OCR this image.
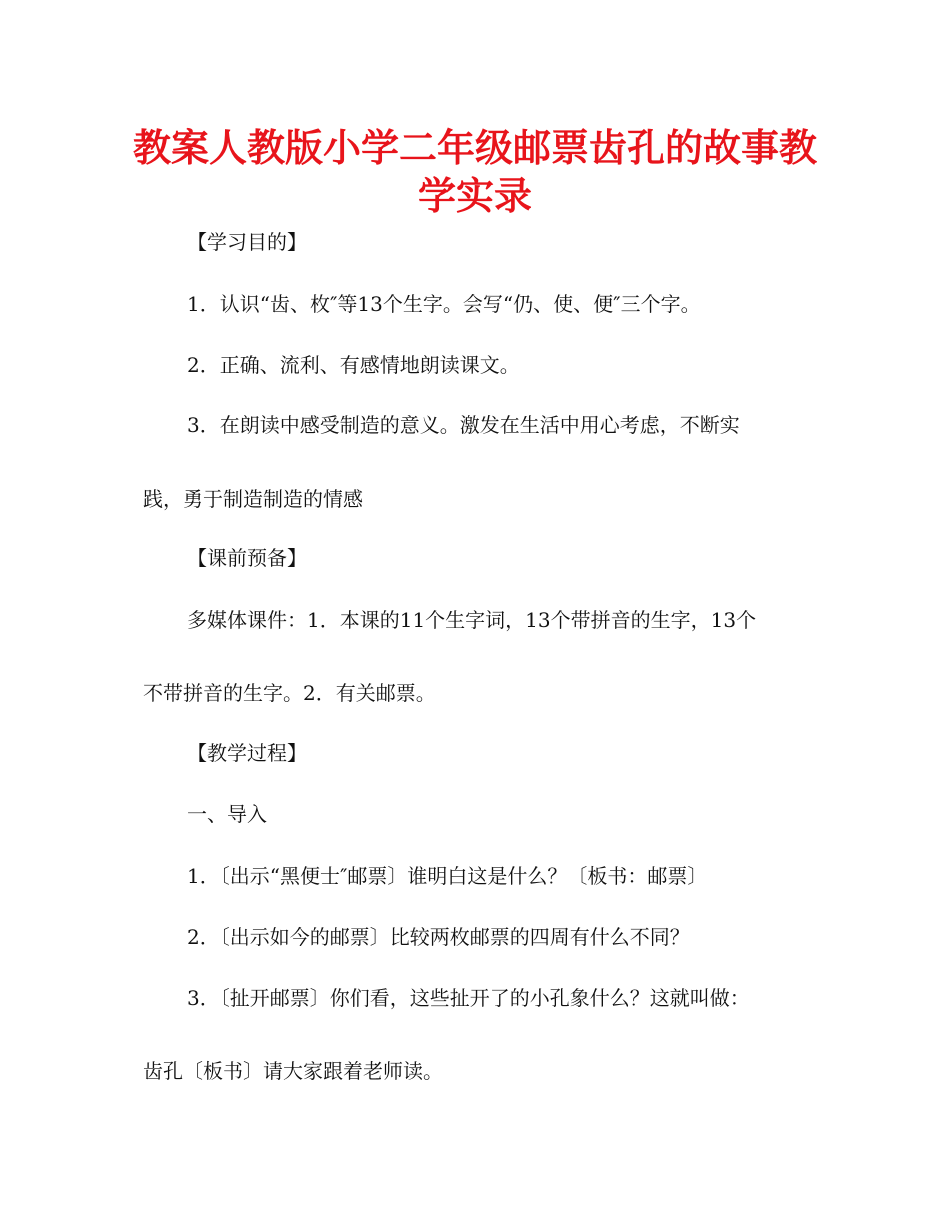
教案人教版小学二年级邮票齿孔的故事教
学实录

【学习目的】

1．认识“齿、枚″等13个生字。会写“仍、使、便″三个字。

2．正确、流利、有感情地朗读课文。

3．在朗读中感受制造的意义。激发在生活中用心考虑，不断实

践，勇于制造制造的情感

【课前预备】

多媒体课件：1．本课的11个生字词，13个带拼音的生字，13个

不带拼音的生字。2．有关邮票。

【教学过程】

一、导入

1．〔出示“黑便士″邮票〕谁明白这是什么？〔板书：邮票〕

2．〔出示如今的邮票〕比较两枚邮票的四周有什么不同？

3．〔扯开邮票〕你们看，这些扯开了的小孔象什么？这就叫做：

齿孔〔板书〕请大家跟着老师读。
